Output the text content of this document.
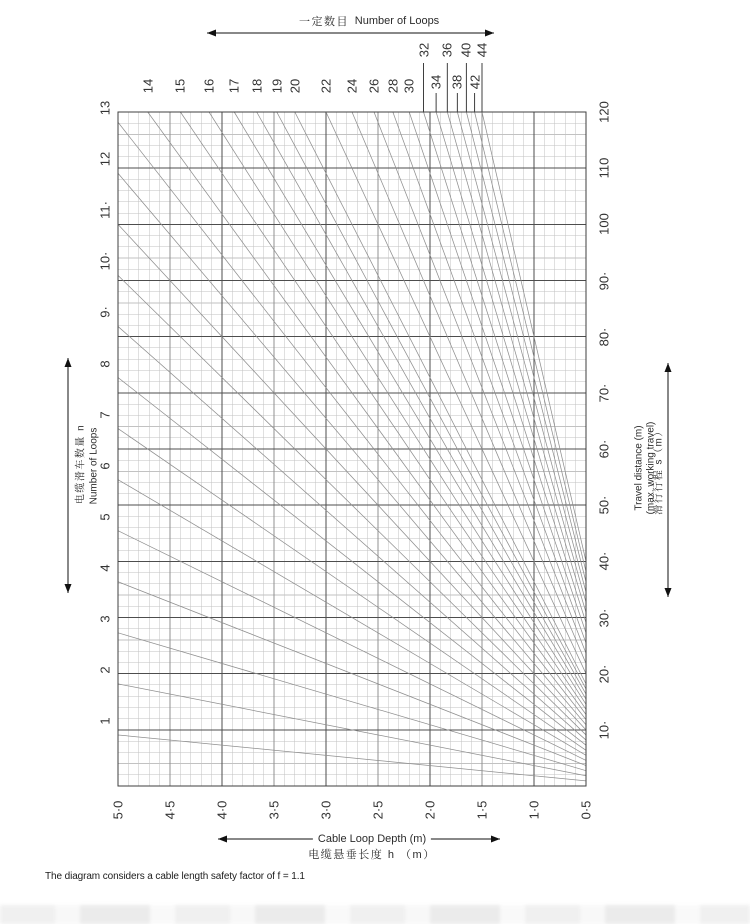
1
2
3
4
5
6
7
8
9·
10·
11·
12
13
10·
20·
30·
40·
50·
60·
70·
80·
90·
100
110
120
5·0	4·5	4·0	3·5	3·0	2·5	2·0	1·5	1·0	0·5
14 15 16 17 18 19 20 22 24 26 28 30
32 36 40 44
34 38 42
一定数目 Number of Loops
电缆滑车数量 n Number of Loops	Travel distance (m) (max. working travel)
滑行行程 s（m）
Cable Loop Depth (m)
电缆悬垂长度 h （m）
The diagram considers a cable length safety factor of f = 1.1
